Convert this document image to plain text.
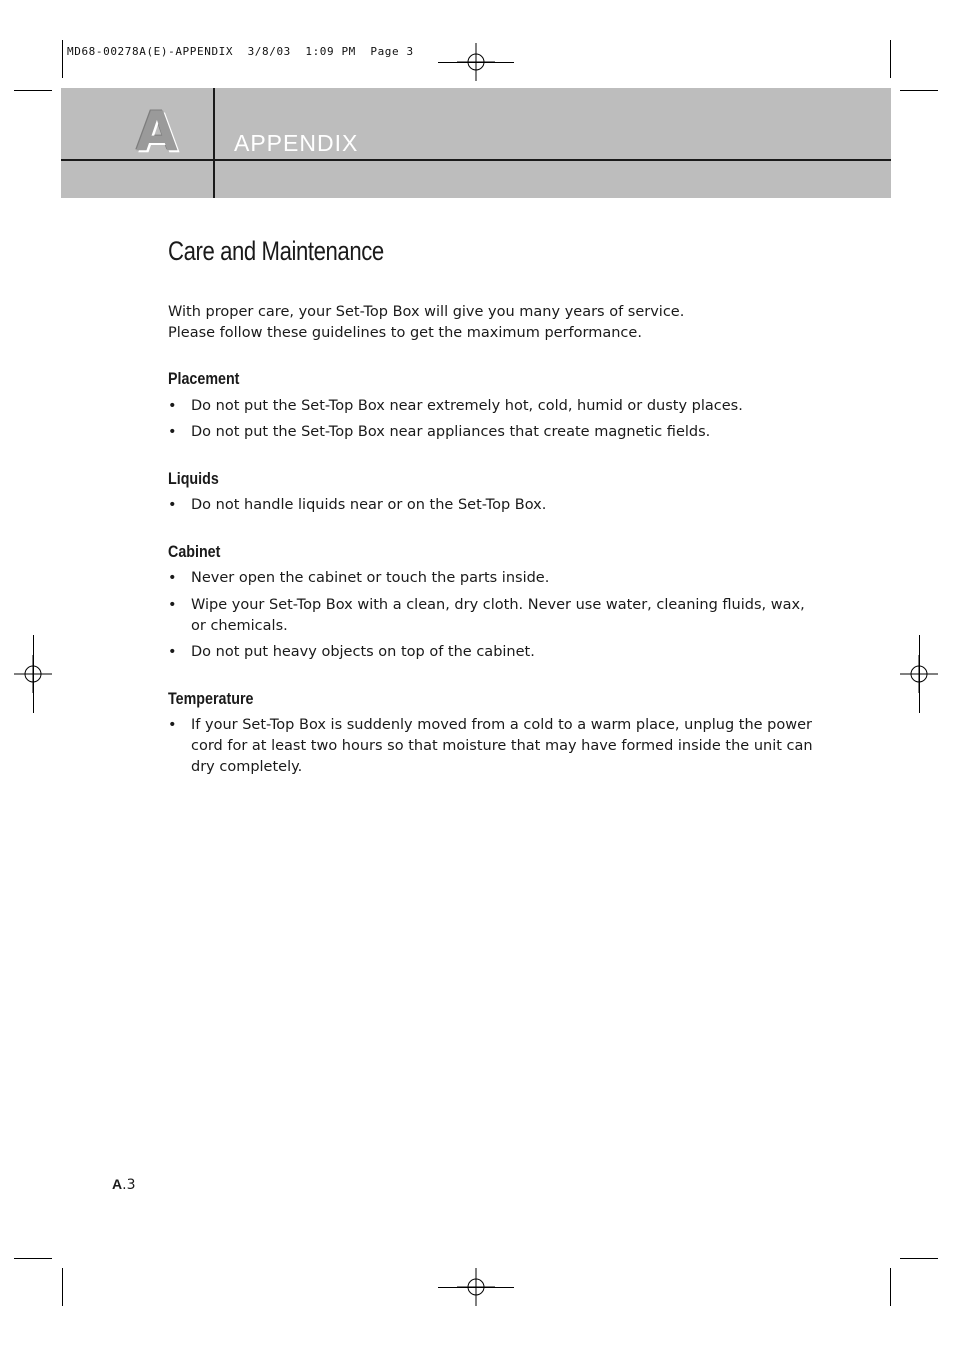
MD68-00278A(E)-APPENDIX  3/8/03  1:09 PM  Page 3
A APPENDIX
Care and Maintenance
With proper care, your Set-Top Box will give you many years of service.
Please follow these guidelines to get the maximum performance.
Placement
• Do not put the Set-Top Box near extremely hot, cold, humid or dusty places.
• Do not put the Set-Top Box near appliances that create magnetic fields.
Liquids
• Do not handle liquids near or on the Set-Top Box.
Cabinet
• Never open the cabinet or touch the parts inside.
• Wipe your Set-Top Box with a clean, dry cloth. Never use water, cleaning fluids, wax,
or chemicals.
• Do not put heavy objects on top of the cabinet.
Temperature
• If your Set-Top Box is suddenly moved from a cold to a warm place, unplug the power
cord for at least two hours so that moisture that may have formed inside the unit can
dry completely.
A.3
